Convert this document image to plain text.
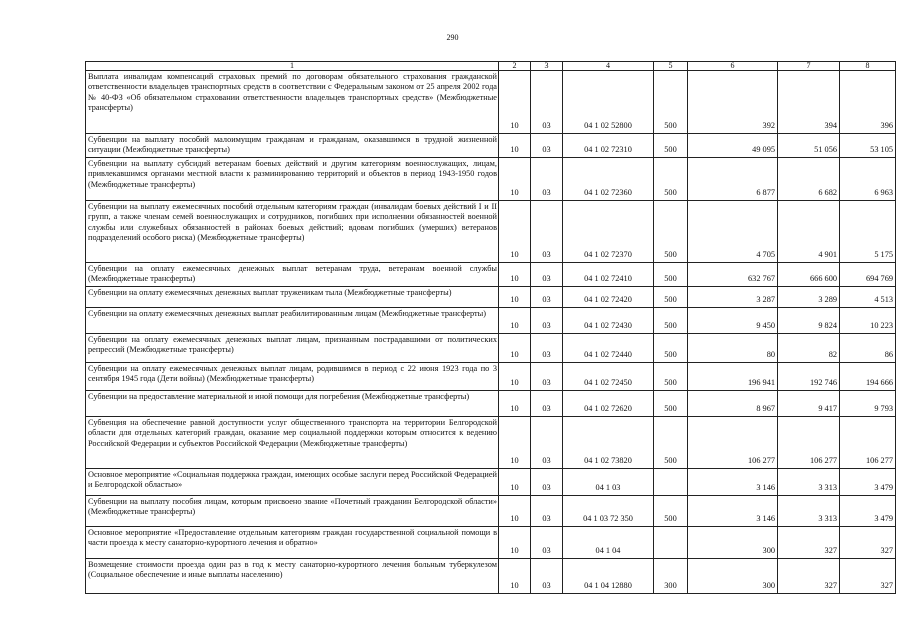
290
1	2	3	4	5	6	7	8
Выплата инвалидам компенсаций страховых премий по договорам обязательного страхования гражданской ответственности владельцев транспортных средств в соответствии с Федеральным законом от 25 апреля 2002 года № 40-ФЗ «Об обязательном страховании ответственности владельцев транспортных средств» (Межбюджетные трансферты)	10	03	04 1 02 52800	500	392	394	396
Субвенции на выплату пособий малоимущим гражданам и гражданам, оказавшимся в трудной жизненной ситуации (Межбюджетные трансферты)	10	03	04 1 02 72310	500	49 095	51 056	53 105
Субвенции на выплату субсидий ветеранам боевых действий и другим категориям военнослужащих, лицам, привлекавшимся органами местной власти к разминированию территорий и объектов в период 1943-1950 годов (Межбюджетные трансферты)	10	03	04 1 02 72360	500	6 877	6 682	6 963
Субвенции на выплату ежемесячных пособий отдельным категориям граждан (инвалидам боевых действий I и II групп, а также членам семей военнослужащих и сотрудников, погибших при исполнении обязанностей военной службы или служебных обязанностей в районах боевых действий; вдовам погибших (умерших) ветеранов подразделений особого риска) (Межбюджетные трансферты)	10	03	04 1 02 72370	500	4 705	4 901	5 175
Субвенции на оплату ежемесячных денежных выплат ветеранам труда, ветеранам военной службы (Межбюджетные трансферты)	10	03	04 1 02 72410	500	632 767	666 600	694 769
Субвенции на оплату ежемесячных денежных выплат труженикам тыла (Межбюджетные трансферты)	10	03	04 1 02 72420	500	3 287	3 289	4 513
Субвенции на оплату ежемесячных денежных выплат реабилитированным лицам (Межбюджетные трансферты)	10	03	04 1 02 72430	500	9 450	9 824	10 223
Субвенции на оплату ежемесячных денежных выплат лицам, признанным пострадавшими от политических репрессий (Межбюджетные трансферты)	10	03	04 1 02 72440	500	80	82	86
Субвенции на оплату ежемесячных денежных выплат лицам, родившимся в период с 22 июня 1923 года по 3 сентября 1945 года (Дети войны) (Межбюджетные трансферты)	10	03	04 1 02 72450	500	196 941	192 746	194 666
Субвенции на предоставление материальной и иной помощи для погребения (Межбюджетные трансферты)	10	03	04 1 02 72620	500	8 967	9 417	9 793
Субвенция на обеспечение равной доступности услуг общественного транспорта на территории Белгородской области для отдельных категорий граждан, оказание мер социальной поддержки которым относится к ведению Российской Федерации и субъектов Российской Федерации (Межбюджетные трансферты)	10	03	04 1 02 73820	500	106 277	106 277	106 277
Основное мероприятие «Социальная поддержка граждан, имеющих особые заслуги перед Российской Федерацией и Белгородской областью»	10	03	04 1 03		3 146	3 313	3 479
Субвенции на выплату пособия лицам, которым присвоено звание «Почетный гражданин Белгородской области» (Межбюджетные трансферты)	10	03	04 1 03 72 350	500	3 146	3 313	3 479
Основное мероприятие «Предоставление отдельным категориям граждан государственной социальной помощи в части проезда к месту санаторно-курортного лечения и обратно»	10	03	04 1 04		300	327	327
Возмещение стоимости проезда один раз в год к месту санаторно-курортного лечения больным туберкулезом (Социальное обеспечение и иные выплаты населению)	10	03	04 1 04 12880	300	300	327	327
